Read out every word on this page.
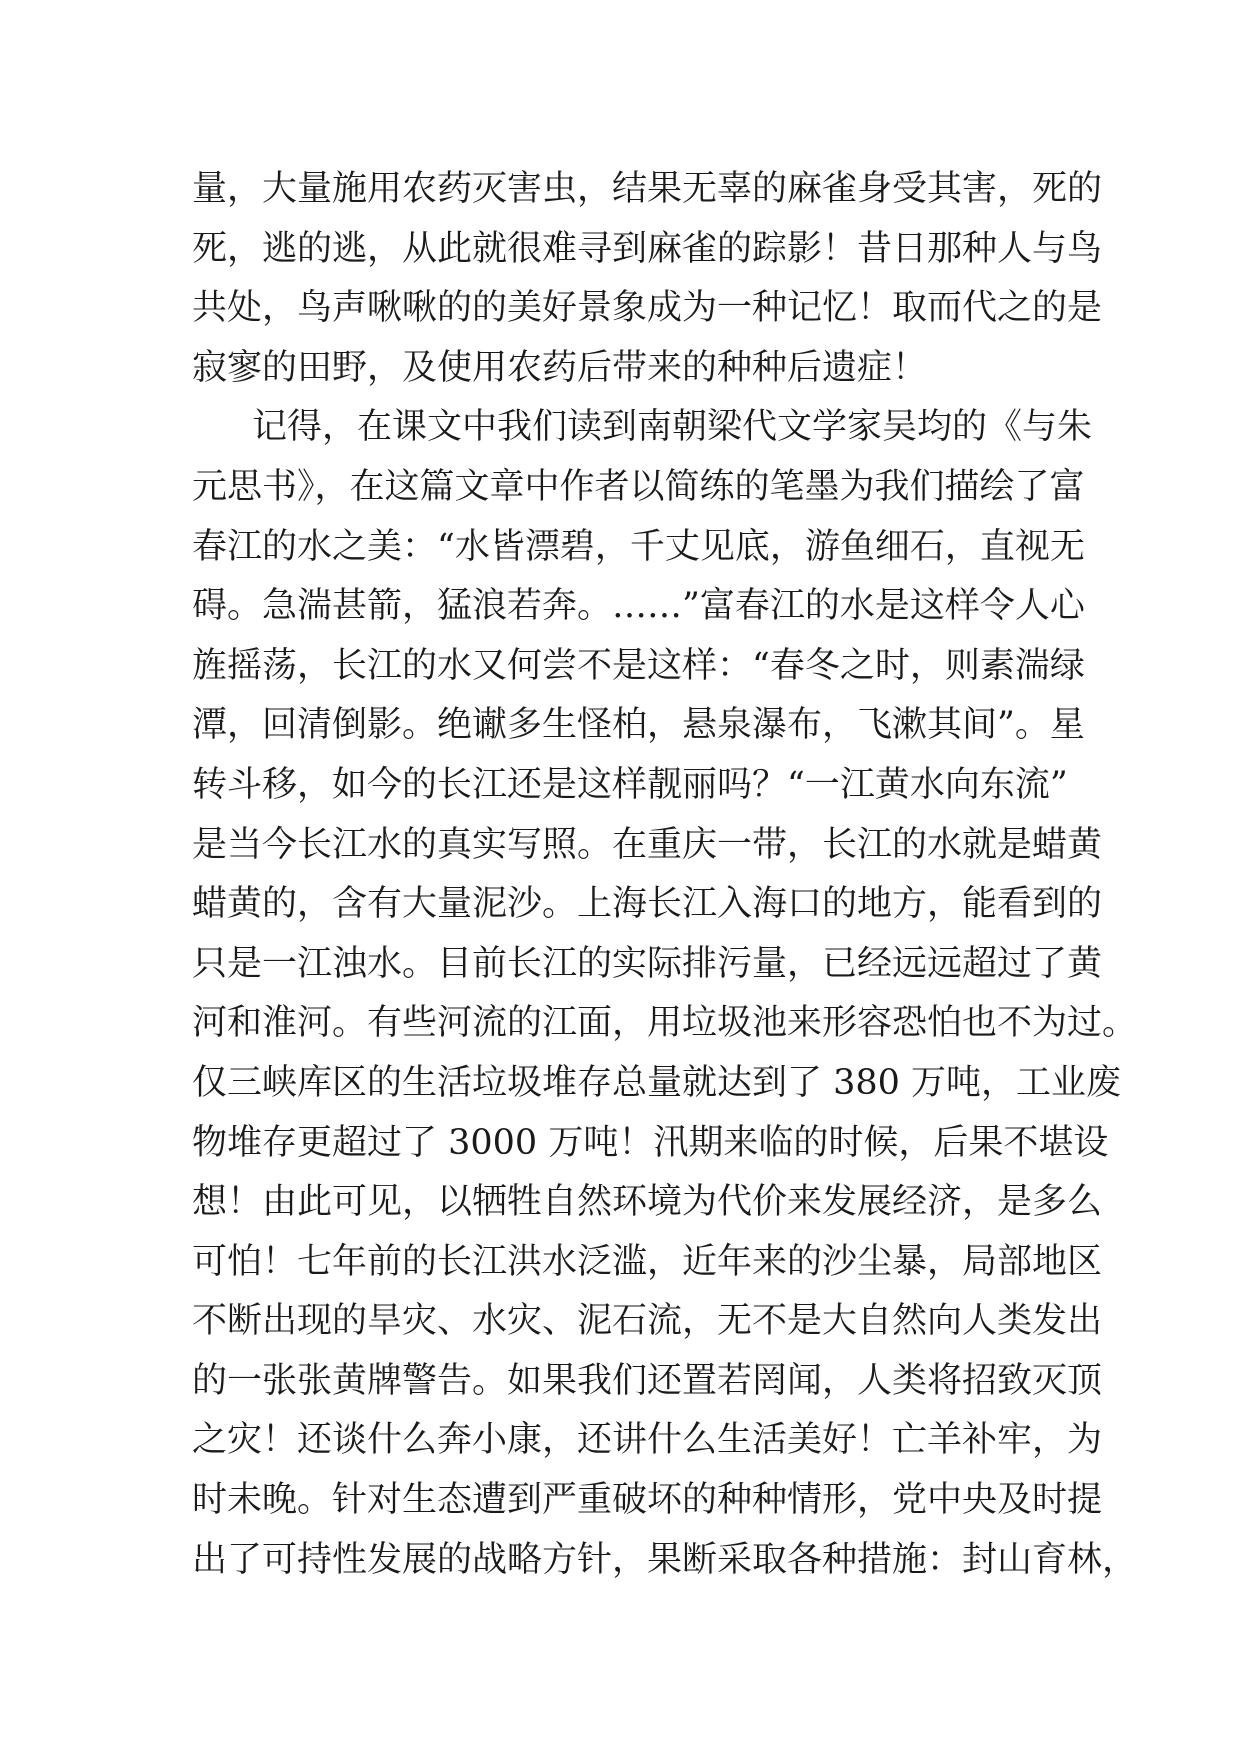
量，大量施用农药灭害虫，结果无辜的麻雀身受其害，死的
死，逃的逃，从此就很难寻到麻雀的踪影！昔日那种人与鸟
共处，鸟声啾啾的的美好景象成为一种记忆！取而代之的是
寂寥的田野，及使用农药后带来的种种后遗症！
记得，在课文中我们读到南朝梁代文学家吴均的《与朱
元思书》，在这篇文章中作者以简练的笔墨为我们描绘了富
春江的水之美：“水皆漂碧，千丈见底，游鱼细石，直视无
碍。急湍甚箭，猛浪若奔。……”富春江的水是这样令人心
旌摇荡，长江的水又何尝不是这样：“春冬之时，则素湍绿
潭，回清倒影。绝谳多生怪柏，悬泉瀑布，飞漱其间”。星
转斗移，如今的长江还是这样靓丽吗？“一江黄水向东流”
是当今长江水的真实写照。在重庆一带，长江的水就是蜡黄
蜡黄的，含有大量泥沙。上海长江入海口的地方，能看到的
只是一江浊水。目前长江的实际排污量，已经远远超过了黄
河和淮河。有些河流的江面，用垃圾池来形容恐怕也不为过。
仅三峡库区的生活垃圾堆存总量就达到了 380 万吨，工业废
物堆存更超过了 3000 万吨！汛期来临的时候，后果不堪设
想！由此可见，以牺牲自然环境为代价来发展经济，是多么
可怕！七年前的长江洪水泛滥，近年来的沙尘暴，局部地区
不断出现的旱灾、水灾、泥石流，无不是大自然向人类发出
的一张张黄牌警告。如果我们还置若罔闻，人类将招致灭顶
之灾！还谈什么奔小康，还讲什么生活美好！亡羊补牢，为
时未晚。针对生态遭到严重破坏的种种情形，党中央及时提
出了可持性发展的战略方针，果断采取各种措施：封山育林，
